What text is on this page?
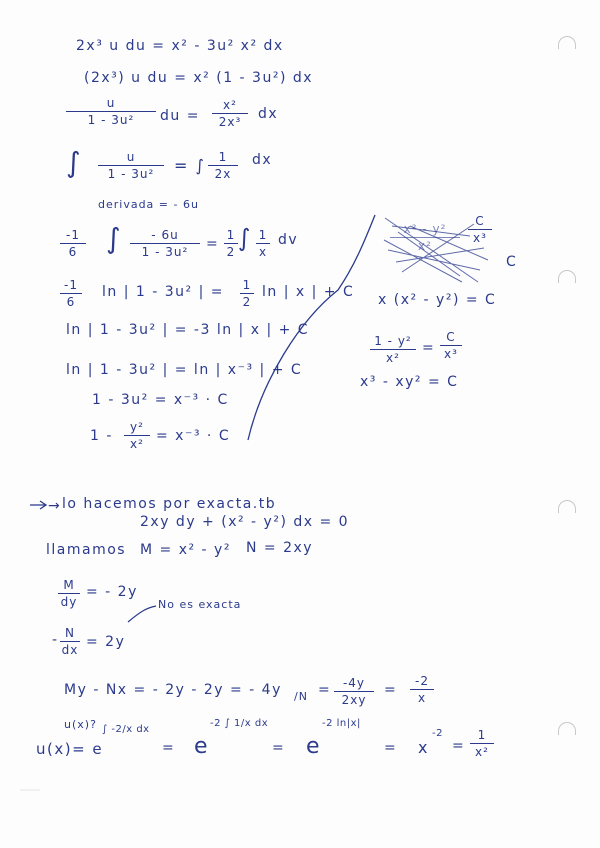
2x³ u du = x² - 3u² x² dx
(2x³) u du = x² (1 - 3u²) dx
u
1 - 3u² du =
x²
2x³
dx
∫	u
1 - 3u² = ∫ 1
2x
dx
derivada = - 6u
-1
6 ∫ - 6u
1 - 3u²
=
1
2
∫ 1
x
dv
-1
6
ln | 1 - 3u² | = 1
2
ln | x | + C
ln | 1 - 3u² | = -3 ln | x | + C
ln | 1 - 3u² | = ln | x⁻³ | + C
1 - 3u² = x⁻³ · C
1 -
y²
x²
= x⁻³ · C
x² - y²
x²
C
x³
C
x (x² - y²) = C
1 - y²
x²
=
C
x³
x³ - xy² = C
→ lo hacemos por exacta.tb
2xy dy + (x² - y²) dx = 0
llamamos M = x² - y² N = 2xy
M
dy
= - 2y
No es exacta
- N
dx
= 2y
My - Nx = - 2y - 2y = - 4y /N = -4y
2xy
=
-2
x
u(x)?
u(x)= e
∫ -2/x dx
= e
-2 ∫ 1/x dx
= e
-2 ln|x|
= x
-2
=
1
x²
